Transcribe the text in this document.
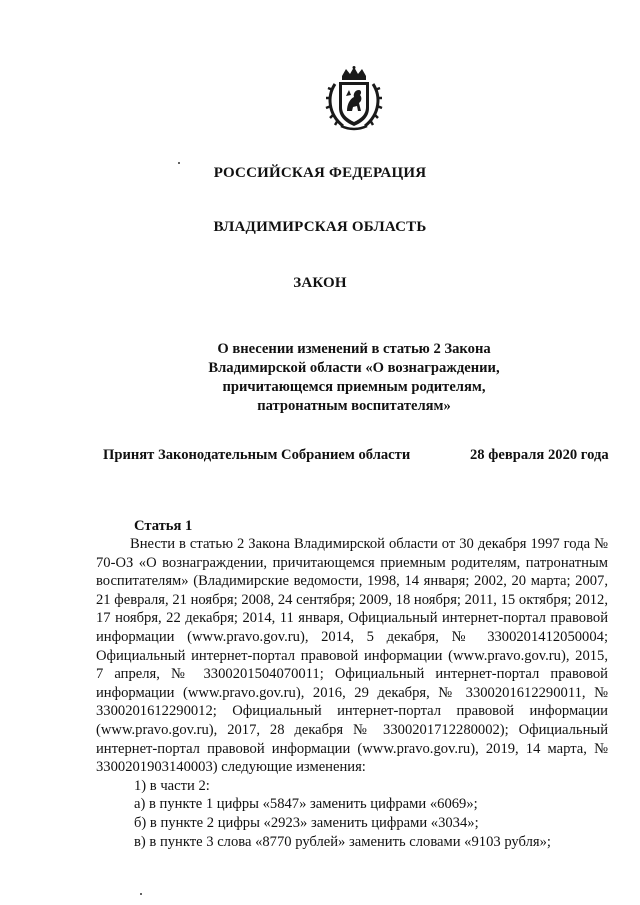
РОССИЙСКАЯ ФЕДЕРАЦИЯ
ВЛАДИМИРСКАЯ ОБЛАСТЬ
ЗАКОН
О внесении изменений в статью 2 Закона
Владимирской области «О вознаграждении,
причитающемся приемным родителям,
патронатным воспитателям»
Принят Законодательным Собранием области	28 февраля 2020 года
Статья 1

Внести в статью 2 Закона Владимирской области от 30 декабря 1997 года № 70-ОЗ «О вознаграждении, причитающемся приемным родителям, патронатным воспитателям» (Владимирские ведомости, 1998, 14 января; 2002, 20 марта; 2007, 21 февраля, 21 ноября; 2008, 24 сентября; 2009, 18 ноября; 2011, 15 октября; 2012, 17 ноября, 22 декабря; 2014, 11 января, Официальный интернет-портал правовой информации (www.pravo.gov.ru), 2014, 5 декабря, № 3300201412050004; Официальный интернет-портал правовой информации (www.pravo.gov.ru), 2015, 7 апреля, № 3300201504070011; Официальный интернет-портал правовой информации (www.pravo.gov.ru), 2016, 29 декабря, № 3300201612290011, № 3300201612290012; Официальный интернет-портал правовой информации (www.pravo.gov.ru), 2017, 28 декабря № 3300201712280002); Официальный интернет-портал правовой информации (www.pravo.gov.ru), 2019, 14 марта, № 3300201903140003) следующие изменения:

1) в части 2:

а) в пункте 1 цифры «5847» заменить цифрами «6069»;

б) в пункте 2 цифры «2923» заменить цифрами «3034»;

в) в пункте 3 слова «8770 рублей» заменить словами «9103 рубля»;
